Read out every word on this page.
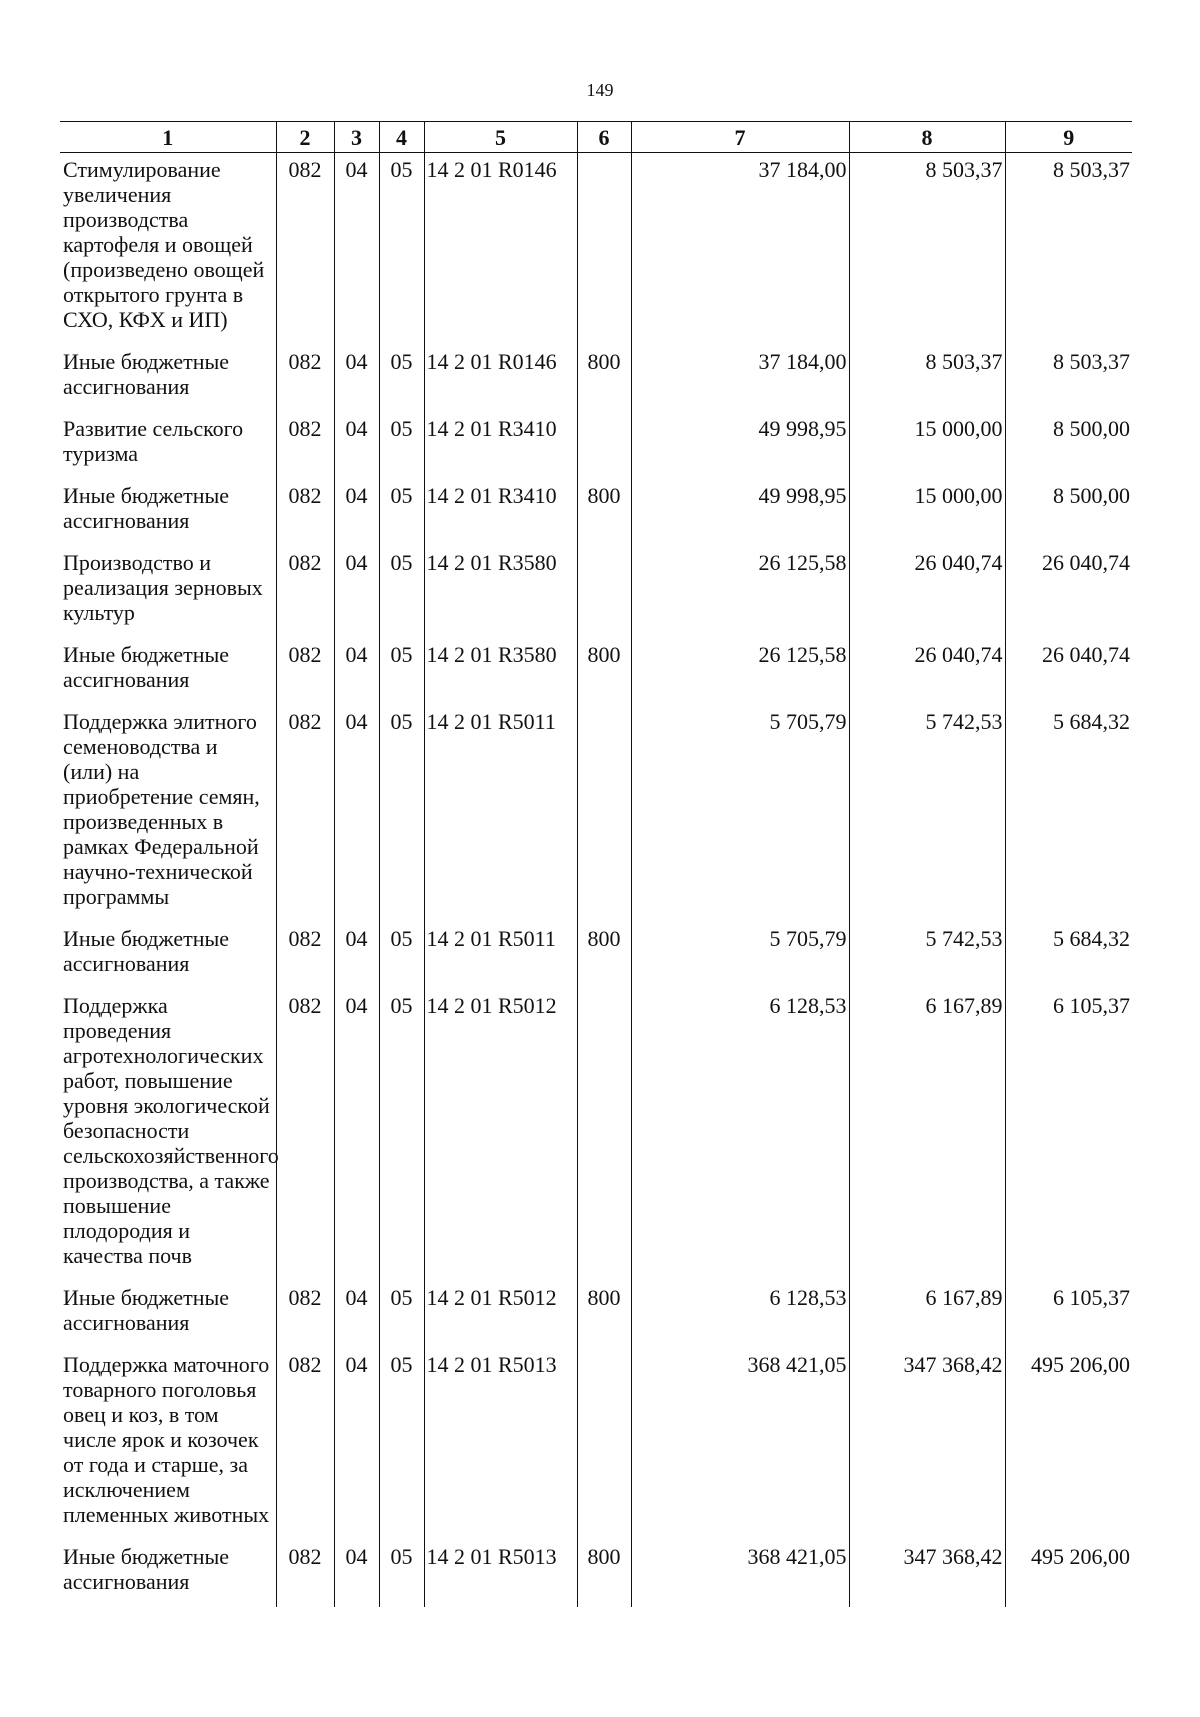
149
1	2	3	4	5	6	7	8	9
Стимулирование увеличения производства картофеля и овощей (произведено овощей открытого грунта в СХО, КФХ и ИП)	082	04	05	14 2 01 R0146		37 184,00	8 503,37	8 503,37
Иные бюджетные ассигнования	082	04	05	14 2 01 R0146	800	37 184,00	8 503,37	8 503,37
Развитие сельского туризма	082	04	05	14 2 01 R3410		49 998,95	15 000,00	8 500,00
Иные бюджетные ассигнования	082	04	05	14 2 01 R3410	800	49 998,95	15 000,00	8 500,00
Производство и реализация зерновых культур	082	04	05	14 2 01 R3580		26 125,58	26 040,74	26 040,74
Иные бюджетные ассигнования	082	04	05	14 2 01 R3580	800	26 125,58	26 040,74	26 040,74
Поддержка элитного семеноводства и (или) на приобретение семян, произведенных в рамках Федеральной научно-технической программы	082	04	05	14 2 01 R5011		5 705,79	5 742,53	5 684,32
Иные бюджетные ассигнования	082	04	05	14 2 01 R5011	800	5 705,79	5 742,53	5 684,32
Поддержка проведения агротехнологических работ, повышение уровня экологической безопасности сельскохозяйственного производства, а также повышение плодородия и качества почв	082	04	05	14 2 01 R5012		6 128,53	6 167,89	6 105,37
Иные бюджетные ассигнования	082	04	05	14 2 01 R5012	800	6 128,53	6 167,89	6 105,37
Поддержка маточного товарного поголовья овец и коз, в том числе ярок и козочек от года и старше, за исключением племенных животных	082	04	05	14 2 01 R5013		368 421,05	347 368,42	495 206,00
Иные бюджетные ассигнования	082	04	05	14 2 01 R5013	800	368 421,05	347 368,42	495 206,00
